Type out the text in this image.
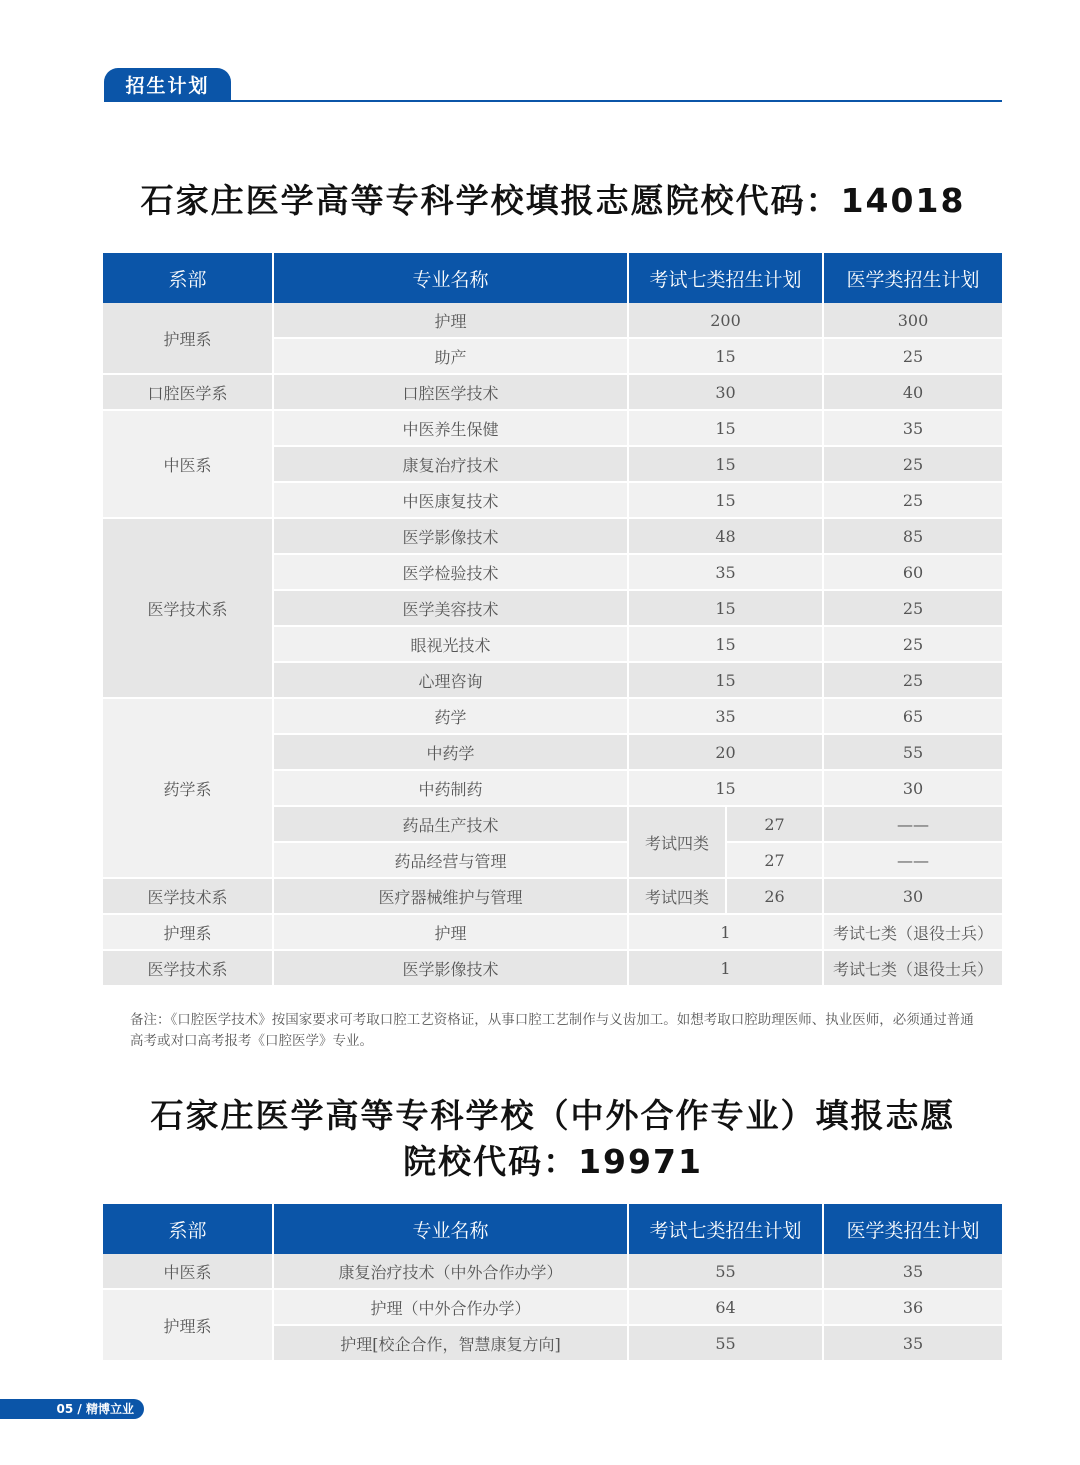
招生计划
石家庄医学高等专科学校填报志愿院校代码：14018
系部	专业名称	考试七类招生计划		医学类招生计划
护理系	护理	200		300
	助产	15		25
口腔医学系	口腔医学技术	30		40
中医系	中医养生保健	15		35
	康复治疗技术	15		25
	中医康复技术	15		25
医学技术系	医学影像技术	48		85
	医学检验技术	35		60
	医学美容技术	15		25
	眼视光技术	15		25
	心理咨询	15		25
药学系	药学	35		65
	中药学	20		55
	中药制药	15		30
	药品生产技术	考试四类	27	——
	药品经营与管理		27	——
医学技术系	医疗器械维护与管理	考试四类	26	30
护理系	护理	1		考试七类（退役士兵）
医学技术系	医学影像技术	1		考试七类（退役士兵）
备注：《口腔医学技术》按国家要求可考取口腔工艺资格证，从事口腔工艺制作与义齿加工。如想考取口腔助理医师、执业医师，必须通过普通高考或对口高考报考《口腔医学》专业。
石家庄医学高等专科学校（中外合作专业）填报志愿
院校代码：19971
系部	专业名称	考试七类招生计划	医学类招生计划
中医系	康复治疗技术（中外合作办学）	55	35
护理系	护理（中外合作办学）	64	36
	护理[校企合作，智慧康复方向]	55	35
05 / 精博立业
